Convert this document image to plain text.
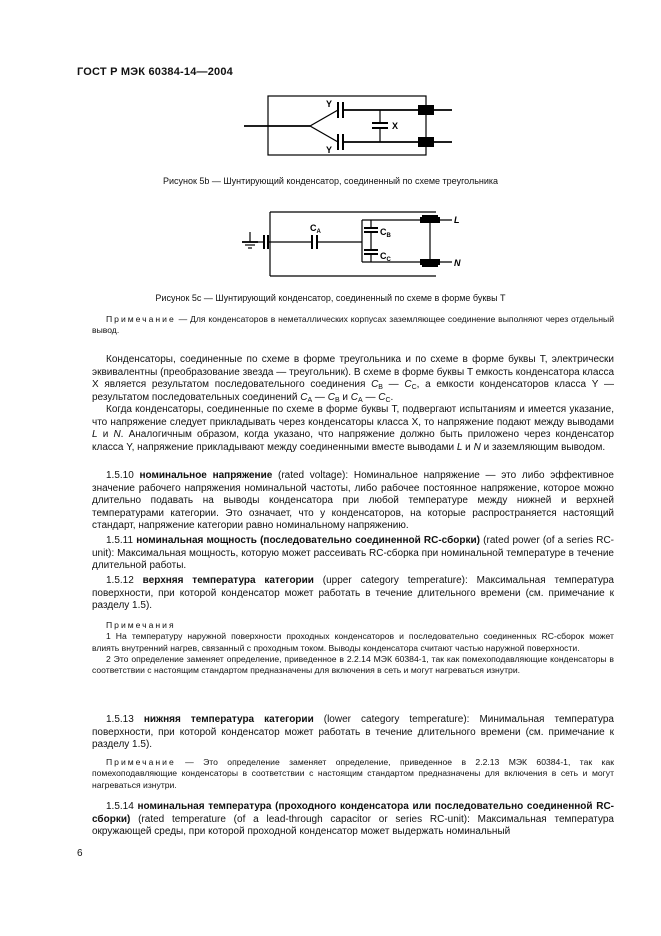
ГОСТ Р МЭК 60384-14—2004
Y
Y
X
Рисунок 5b — Шунтирующий конденсатор, соединенный по схеме треугольника
$C_A$	$C_B$
$C_C$
L
N
Рисунок 5c — Шунтирующий конденсатор, соединенный по схеме в форме буквы T
Примечание — Для конденсаторов в неметаллических корпусах заземляющее соединение выполняют через отдельный вывод.
Конденсаторы, соединенные по схеме в форме треугольника и по схеме в форме буквы T, электрически эквивалентны (преобразование звезда — треугольник). В схеме в форме буквы T емкость конденсатора класса X является результатом последовательного соединения $C_B$ — $C_C$, а емкости конденсаторов класса Y — результатом последовательных соединений $C_A$ — $C_B$ и $C_A$ — $C_C$.
Когда конденсаторы, соединенные по схеме в форме буквы T, подвергают испытаниям и имеется указание, что напряжение следует прикладывать через конденсаторы класса X, то напряжение подают между выводами L и N. Аналогичным образом, когда указано, что напряжение должно быть приложено через конденсатор класса Y, напряжение прикладывают между соединенными вместе выводами L и N и заземляющим выводом.
1.5.10 номинальное напряжение (rated voltage): Номинальное напряжение — это либо эффективное значение рабочего напряжения номинальной частоты, либо рабочее постоянное напряжение, которое можно длительно подавать на выводы конденсатора при любой температуре между нижней и верхней температурами категории. Это означает, что у конденсаторов, на которые распространяется настоящий стандарт, напряжение категории равно номинальному напряжению.
1.5.11 номинальная мощность (последовательно соединенной RC-сборки) (rated power (of a series RC-unit): Максимальная мощность, которую может рассеивать RC-сборка при номинальной температуре в течение длительной работы.
1.5.12 верхняя температура категории (upper category temperature): Максимальная температура поверхности, при которой конденсатор может работать в течение длительного времени (см. примечание к разделу 1.5).
Примечания
1 На температуру наружной поверхности проходных конденсаторов и последовательно соединенных RC-сборок может влиять внутренний нагрев, связанный с проходным током. Выводы конденсатора считают частью наружной поверхности.
2 Это определение заменяет определение, приведенное в 2.2.14 МЭК 60384-1, так как помехоподавляющие конденсаторы в соответствии с настоящим стандартом предназначены для включения в сеть и могут нагреваться изнутри.
1.5.13 нижняя температура категории (lower category temperature): Минимальная температура поверхности, при которой конденсатор может работать в течение длительного времени (см. примечание к разделу 1.5).
Примечание — Это определение заменяет определение, приведенное в 2.2.13 МЭК 60384-1, так как помехоподавляющие конденсаторы в соответствии с настоящим стандартом предназначены для включения в сеть и могут нагреваться изнутри.
1.5.14 номинальная температура (проходного конденсатора или последовательно соединенной RC-сборки) (rated temperature (of a lead-through capacitor or series RC-unit): Максимальная температура окружающей среды, при которой проходной конденсатор может выдержать номинальный
6
